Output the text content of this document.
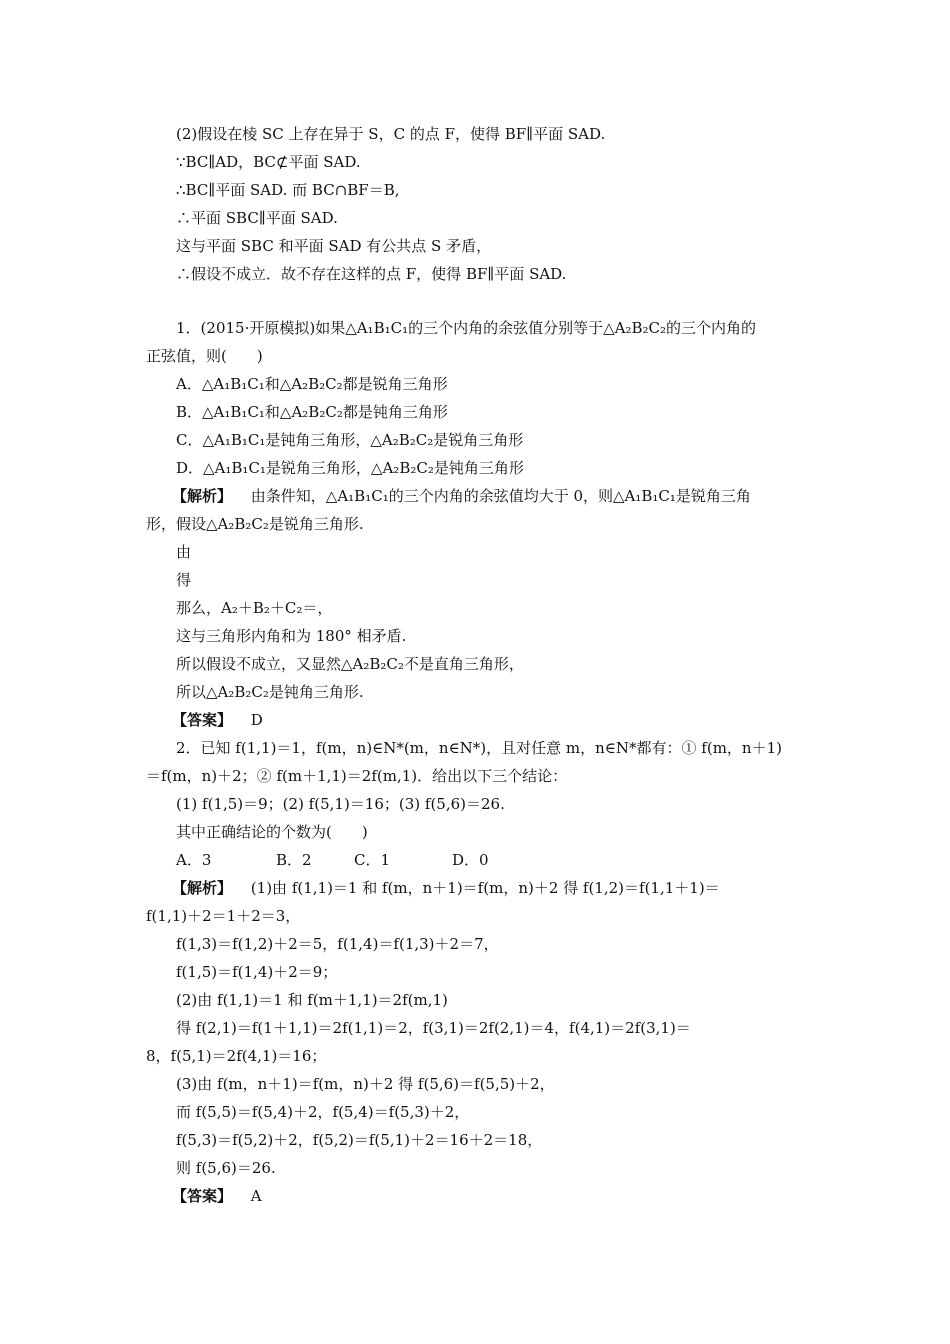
(2)假设在棱 SC 上存在异于 S，C 的点 F，使得 BF∥平面 SAD.
∵BC∥AD，BC⊄平面 SAD.
∴BC∥平面 SAD. 而 BC∩BF＝B,
∴平面 SBC∥平面 SAD.
这与平面 SBC 和平面 SAD 有公共点 S 矛盾，
∴假设不成立．故不存在这样的点 F，使得 BF∥平面 SAD.
1．(2015·开原模拟)如果△A₁B₁C₁的三个内角的余弦值分别等于△A₂B₂C₂的三个内角的
正弦值，则(　　)
A．△A₁B₁C₁和△A₂B₂C₂都是锐角三角形
B．△A₁B₁C₁和△A₂B₂C₂都是钝角三角形
C．△A₁B₁C₁是钝角三角形，△A₂B₂C₂是锐角三角形
D．△A₁B₁C₁是锐角三角形，△A₂B₂C₂是钝角三角形
【解析】 由条件知，△A₁B₁C₁的三个内角的余弦值均大于 0，则△A₁B₁C₁是锐角三角
形，假设△A₂B₂C₂是锐角三角形.
由
得
那么，A₂＋B₂＋C₂＝，
这与三角形内角和为 180° 相矛盾.
所以假设不成立，又显然△A₂B₂C₂不是直角三角形，
所以△A₂B₂C₂是钝角三角形.
【答案】 D
2．已知 f(1,1)＝1，f(m，n)∈N*(m，n∈N*)，且对任意 m，n∈N*都有：① f(m，n＋1)
＝f(m，n)＋2；② f(m＋1,1)＝2f(m,1)．给出以下三个结论：
(1) f(1,5)＝9；(2) f(5,1)＝16；(3) f(5,6)＝26.
其中正确结论的个数为(　　)
A．3	B．2	C．1	D．0
【解析】 (1)由 f(1,1)＝1 和 f(m，n＋1)＝f(m，n)＋2 得 f(1,2)＝f(1,1＋1)＝
f(1,1)＋2＝1＋2＝3，
f(1,3)＝f(1,2)＋2＝5，f(1,4)＝f(1,3)＋2＝7，
f(1,5)＝f(1,4)＋2＝9；
(2)由 f(1,1)＝1 和 f(m＋1,1)＝2f(m,1)
得 f(2,1)＝f(1＋1,1)＝2f(1,1)＝2，f(3,1)＝2f(2,1)＝4，f(4,1)＝2f(3,1)＝
8，f(5,1)＝2f(4,1)＝16；
(3)由 f(m，n＋1)＝f(m，n)＋2 得 f(5,6)＝f(5,5)＋2，
而 f(5,5)＝f(5,4)＋2，f(5,4)＝f(5,3)＋2，
f(5,3)＝f(5,2)＋2，f(5,2)＝f(5,1)＋2＝16＋2＝18，
则 f(5,6)＝26.
【答案】 A
